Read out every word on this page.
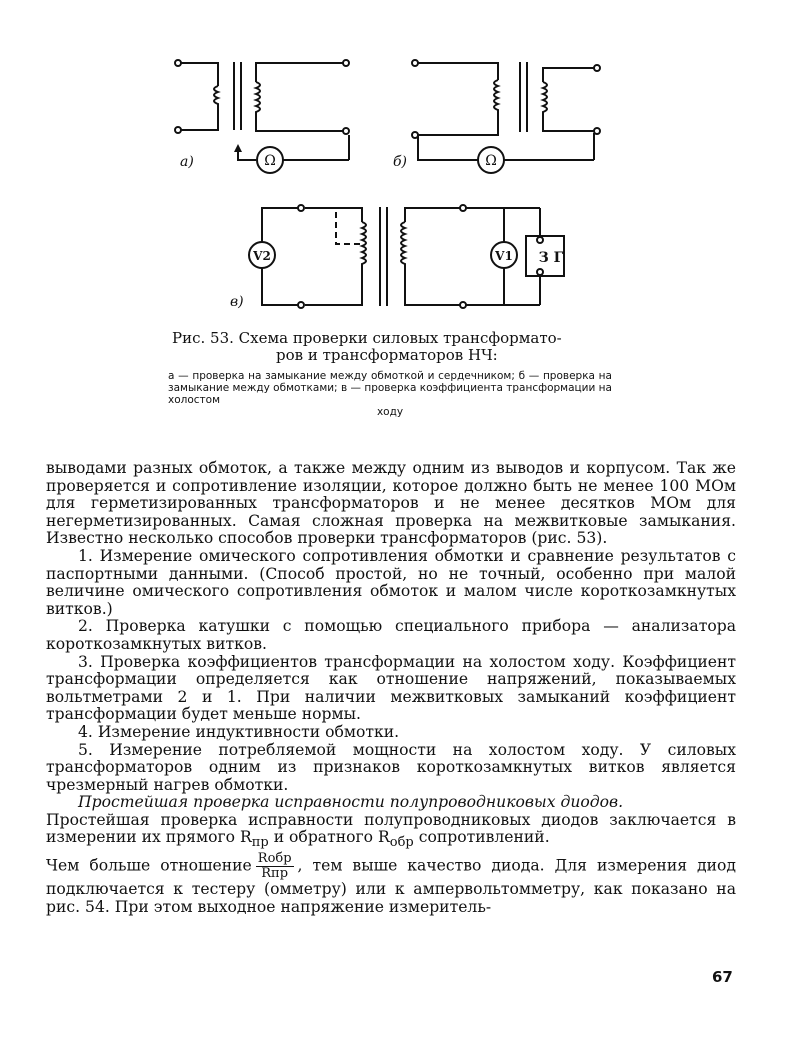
а)	Ω	б)	Ω
в)
V2	V1 З Г
Рис. 53. Схема проверки силовых трансформато-
ров и трансформаторов НЧ:
а — проверка на замыкание между обмоткой и сердечником; б — проверка на замыкание между обмотками; в — проверка коэффициента трансформации на холостом
ходу

выводами разных обмоток, а также между одним из выводов и корпусом. Так же проверяется и сопротивление изоляции, которое должно быть не менее 100 МОм для герметизированных трансформаторов и не менее десятков МОм для негерметизированных. Самая сложная проверка на межвитковые замыкания. Известно несколько способов проверки трансформаторов (рис. 53).

1. Измерение омического сопротивления обмотки и сравнение результатов с паспортными данными. (Способ простой, но не точный, особенно при малой величине омического сопротивления обмоток и малом числе короткозамкнутых витков.)

2. Проверка катушки с помощью специального прибора — анализатора короткозамкнутых витков.

3. Проверка коэффициентов трансформации на холостом ходу. Коэффициент трансформации определяется как отношение напряжений, показываемых вольтметрами 2 и 1. При наличии межвитковых замыканий коэффициент трансформации будет меньше нормы.

4. Измерение индуктивности обмотки.

5. Измерение потребляемой мощности на холостом ходу. У силовых трансформаторов одним из признаков короткозамкнутых витков является чрезмерный нагрев обмотки.

Простейшая проверка исправности полупроводниковых диодов.

Простейшая проверка исправности полупроводниковых диодов заключается в измерении их прямого $R_{пр}$ и обратного $R_{обр}$ сопротивлений.

Чем больше отношение $\frac{\text{Rобр}}{\text{Rпр}}$ , тем выше качество диода. Для измерения диод подключается к тестеру (омметру) или к ампервольтомметру, как показано на рис. 54. При этом выходное напряжение измеритель-

67
